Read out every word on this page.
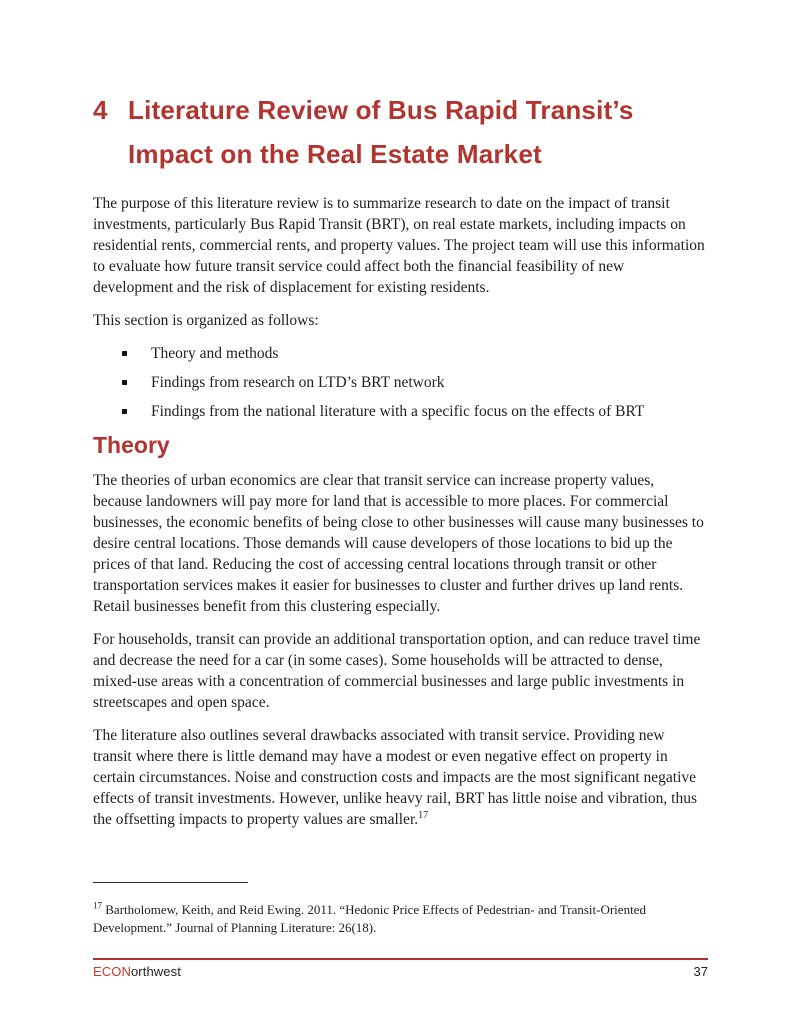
4 Literature Review of Bus Rapid Transit’s Impact on the Real Estate Market

The purpose of this literature review is to summarize research to date on the impact of transit investments, particularly Bus Rapid Transit (BRT), on real estate markets, including impacts on residential rents, commercial rents, and property values. The project team will use this information to evaluate how future transit service could affect both the financial feasibility of new development and the risk of displacement for existing residents.

This section is organized as follows:

Theory and methods
Findings from research on LTD’s BRT network
Findings from the national literature with a specific focus on the effects of BRT
Theory

The theories of urban economics are clear that transit service can increase property values, because landowners will pay more for land that is accessible to more places. For commercial businesses, the economic benefits of being close to other businesses will cause many businesses to desire central locations. Those demands will cause developers of those locations to bid up the prices of that land. Reducing the cost of accessing central locations through transit or other transportation services makes it easier for businesses to cluster and further drives up land rents. Retail businesses benefit from this clustering especially.

For households, transit can provide an additional transportation option, and can reduce travel time and decrease the need for a car (in some cases). Some households will be attracted to dense, mixed-use areas with a concentration of commercial businesses and large public investments in streetscapes and open space.

The literature also outlines several drawbacks associated with transit service. Providing new transit where there is little demand may have a modest or even negative effect on property in certain circumstances. Noise and construction costs and impacts are the most significant negative effects of transit investments. However, unlike heavy rail, BRT has little noise and vibration, thus the offsetting impacts to property values are smaller.$^{17}$

$^{17}$ Bartholomew, Keith, and Reid Ewing. 2011. “Hedonic Price Effects of Pedestrian- and Transit-Oriented Development.” Journal of Planning Literature: 26(18).
ECONorthwest	37
